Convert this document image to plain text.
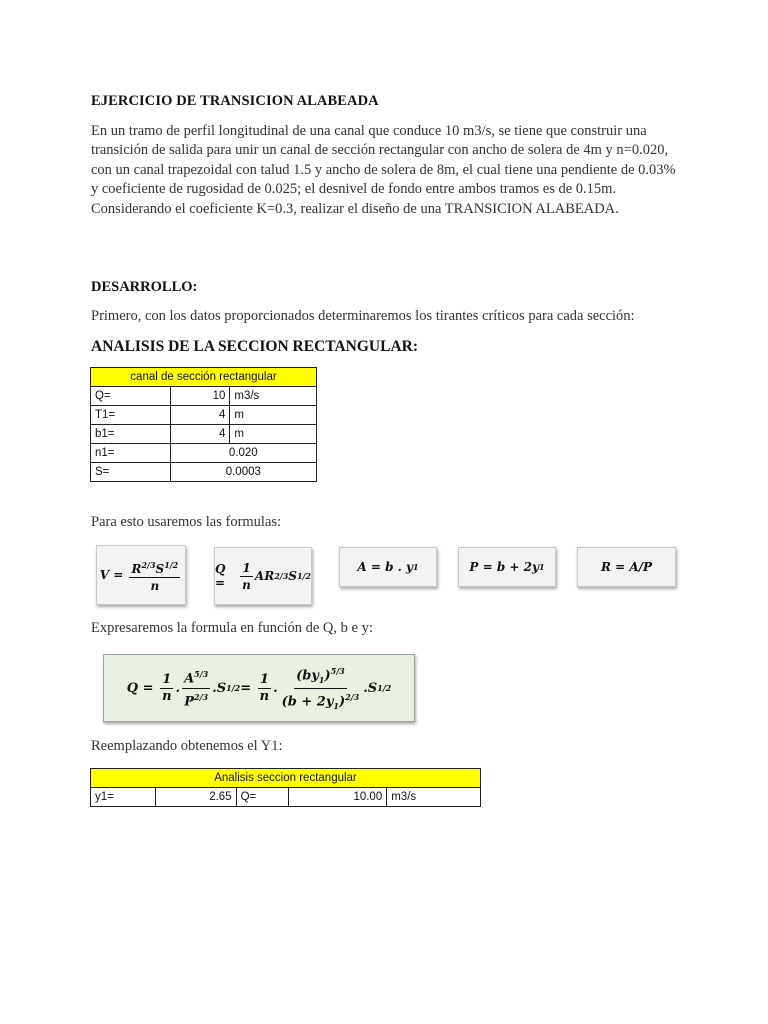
EJERCICIO DE TRANSICION ALABEADA
En un tramo de perfil longitudinal de una canal que conduce 10 m3/s, se tiene que construir una transición de salida para unir un canal de sección rectangular con ancho de solera de 4m y n=0.020, con un canal trapezoidal con talud 1.5 y ancho de solera de 8m, el cual tiene una pendiente de 0.03% y coeficiente de rugosidad de 0.025; el desnivel de fondo entre ambos tramos es de 0.15m. Considerando el coeficiente K=0.3, realizar el diseño de una TRANSICION ALABEADA.
DESARROLLO:
Primero, con los datos proporcionados determinaremos los tirantes críticos para cada sección:
ANALISIS DE LA SECCION RECTANGULAR:
canal de sección rectangular		
Q=	10	m3/s
T1=	4	m
b1=	4	m
n1=	0.020	
S=	0.0003	
Para esto usaremos las formulas:
$V = \frac{R^{2/3}S^{1/2}}{n}$	$Q = \frac{1}{n}$ AR 2/3 S 1/2
A = b . y 1	P = b + 2y 1	R = A/P
Expresaremos la formula en función de Q, b e y:
$Q = \frac{1}{n}$ . $\frac{A^{5/3}}{P^{2/3}} .S$ $1/2 = \frac{1}{n}$ . $\frac{(by_1)^{5/3}}{(b + 2y_1)^{2/3}} .S$ 1/2
Reemplazando obtenemos el Y1:
Analisis seccion rectangular
y1=	2.65	Q=	10.00	m3/s
